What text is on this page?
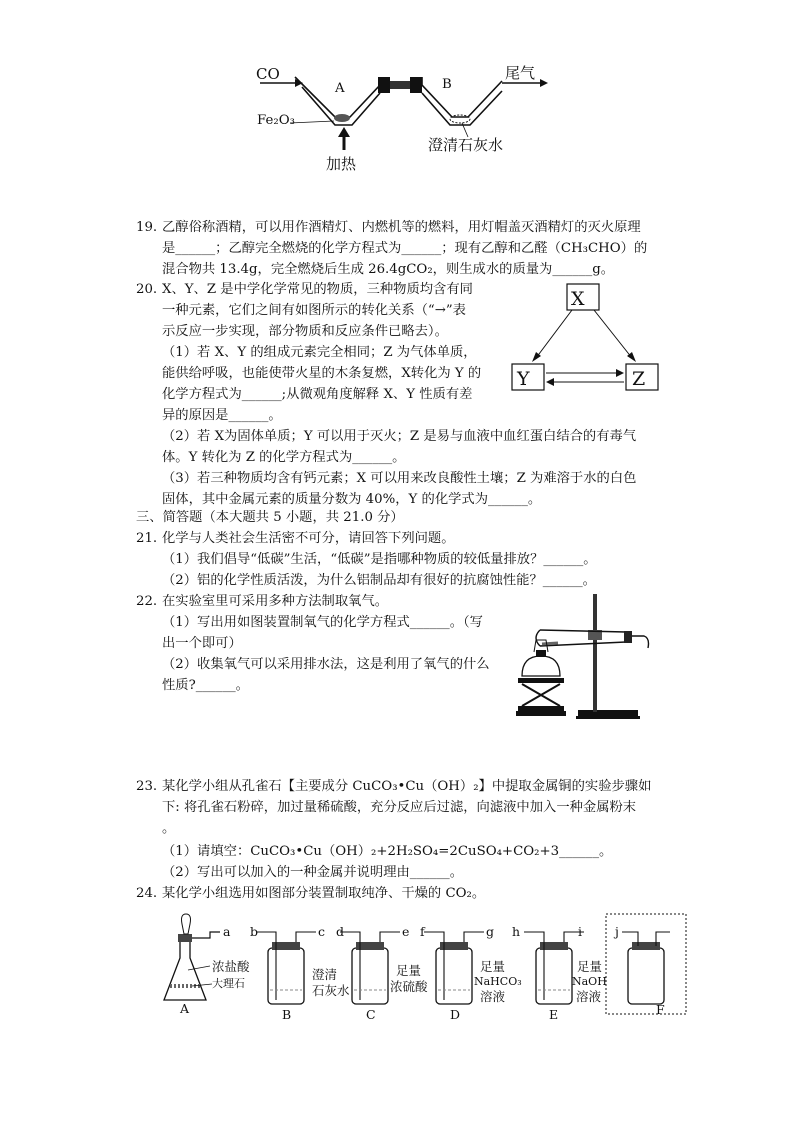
CO
A	B
尾气
Fe₂O₃
加热
澄清石灰水
19. 乙醇俗称酒精，可以用作酒精灯、内燃机等的燃料，用灯帽盖灭酒精灯的灭火原理
是______；乙醇完全燃烧的化学方程式为______；现有乙醇和乙醛（CH₃CHO）的
混合物共 13.4g，完全燃烧后生成 26.4gCO₂，则生成水的质量为______g。
20. X、Y、Z 是中学化学常见的物质，三种物质均含有同
一种元素，它们之间有如图所示的转化关系（“→”表
示反应一步实现，部分物质和反应条件已略去）。
（1）若 X、Y 的组成元素完全相同；Z 为气体单质，
能供给呼吸，也能使带火星的木条复燃，X转化为 Y 的
化学方程式为______;从微观角度解释 X、Y 性质有差
异的原因是______。
（2）若 X为固体单质；Y 可以用于灭火；Z 是易与血液中血红蛋白结合的有毒气
体。Y 转化为 Z 的化学方程式为______。
（3）若三种物质均含有钙元素；X 可以用来改良酸性土壤；Z 为难溶于水的白色
固体，其中金属元素的质量分数为 40%，Y 的化学式为______。
X
Y	Z
三、简答题（本大题共 5 小题，共 21.0 分）
21. 化学与人类社会生活密不可分，请回答下列问题。
（1）我们倡导“低碳”生活，“低碳”是指哪种物质的较低量排放？______。
（2）铝的化学性质活泼，为什么铝制品却有很好的抗腐蚀性能？______。
22. 在实验室里可采用多种方法制取氧气。
（1）写出用如图装置制氧气的化学方程式______。（写
出一个即可）
（2）收集氧气可以采用排水法，这是利用了氧气的什么
性质?______。
23. 某化学小组从孔雀石【主要成分 CuCO₃•Cu（OH）₂】中提取金属铜的实验步骤如
下: 将孔雀石粉碎，加过量稀硫酸，充分反应后过滤，向滤液中加入一种金属粉末
。
（1）请填空：CuCO₃•Cu（OH）₂+2H₂SO₄=2CuSO₄+CO₂+3______。
（2）写出可以加入的一种金属并说明理由______。
24. 某化学小组选用如图部分装置制取纯净、干燥的 CO₂。
a b	c d	e f	g h	i	j
浓盐酸
大理石
澄清
石灰水
足量
浓硫酸
足量
NaHCO₃
溶液
足量
NaOH
溶液
A	B	C	D	E	F
